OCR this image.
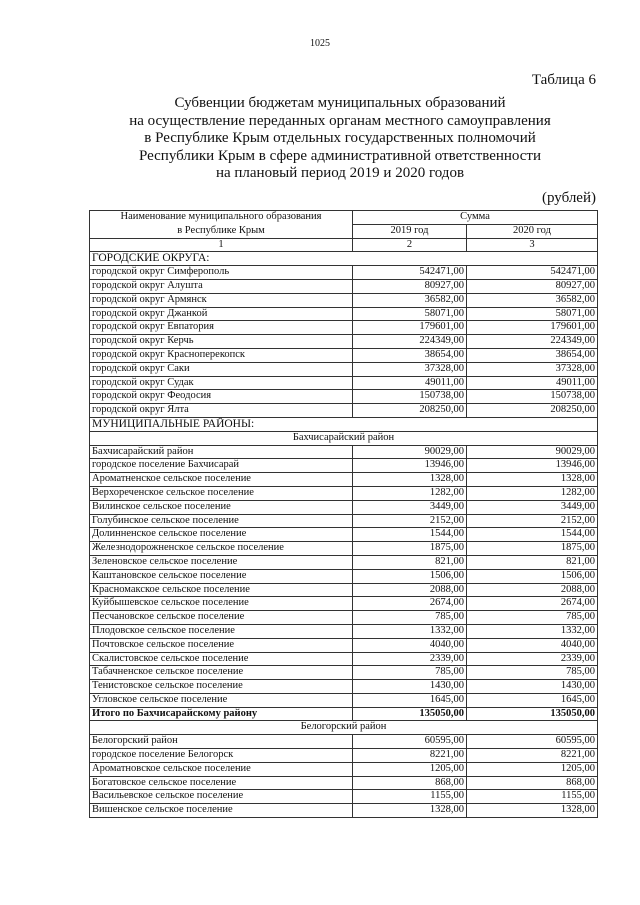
1025
Таблица 6
Субвенции бюджетам муниципальных образований
на осуществление переданных органам местного самоуправления
в Республике Крым отдельных государственных полномочий
Республики Крым в сфере административной ответственности
на плановый период 2019 и 2020 годов
(рублей)
Наименование муниципального образования	Сумма	
в Республике Крым	2019 год	2020 год
1	2	3
ГОРОДСКИЕ ОКРУГА:		
городской округ Симферополь	542471,00	542471,00
городской округ Алушта	80927,00	80927,00
городской округ Армянск	36582,00	36582,00
городской округ Джанкой	58071,00	58071,00
городской округ Евпатория	179601,00	179601,00
городской округ Керчь	224349,00	224349,00
городской округ Красноперекопск	38654,00	38654,00
городской округ Саки	37328,00	37328,00
городской округ Судак	49011,00	49011,00
городской округ Феодосия	150738,00	150738,00
городской округ Ялта	208250,00	208250,00
МУНИЦИПАЛЬНЫЕ РАЙОНЫ:		
Бахчисарайский район		
Бахчисарайский район	90029,00	90029,00
городское поселение Бахчисарай	13946,00	13946,00
Ароматненское сельское поселение	1328,00	1328,00
Верхореченское сельское поселение	1282,00	1282,00
Вилинское сельское поселение	3449,00	3449,00
Голубинское сельское поселение	2152,00	2152,00
Долинненское сельское поселение	1544,00	1544,00
Железнодорожненское сельское поселение	1875,00	1875,00
Зеленовское сельское поселение	821,00	821,00
Каштановское сельское поселение	1506,00	1506,00
Красномакское сельское поселение	2088,00	2088,00
Куйбышевское сельское поселение	2674,00	2674,00
Песчановское сельское поселение	785,00	785,00
Плодовское сельское поселение	1332,00	1332,00
Почтовское сельское поселение	4040,00	4040,00
Скалистовское сельское поселение	2339,00	2339,00
Табачненское сельское поселение	785,00	785,00
Тенистовское сельское поселение	1430,00	1430,00
Угловское сельское поселение	1645,00	1645,00
Итого по Бахчисарайскому району	135050,00	135050,00
Белогорский район		
Белогорский район	60595,00	60595,00
городское поселение Белогорск	8221,00	8221,00
Ароматновское сельское поселение	1205,00	1205,00
Богатовское сельское поселение	868,00	868,00
Васильевское сельское поселение	1155,00	1155,00
Вишенское сельское поселение	1328,00	1328,00
